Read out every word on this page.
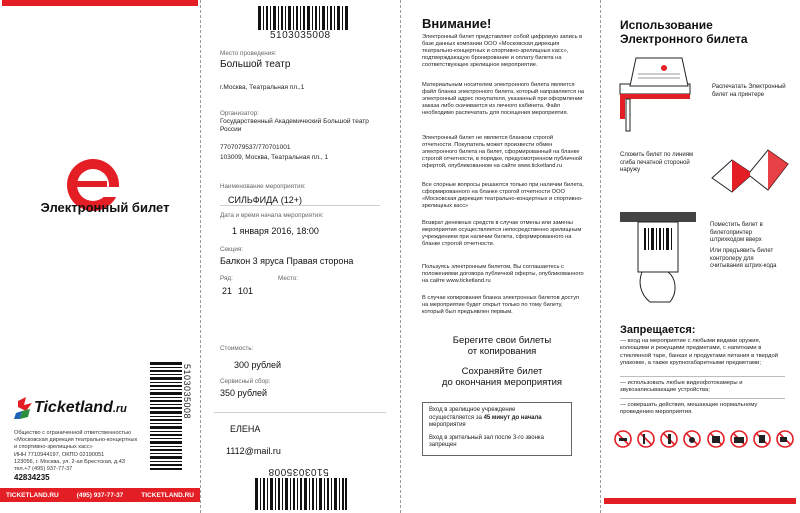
Электронный билет
5103035008
Ticketland.ru
Общество с ограниченной ответственностью
«Московская дирекция театрально-концертных
и спортивно-зрелищных касс»
ИНН 7710944197, ОКПО 02190051
123056, г. Москва, ул. 2-ая Брестская, д.43
тел.+7 (495) 937-77-37
42834235
TICKETLAND.RU	(495) 937-77-37	TICKETLAND.RU
5103035008
Место проведения:
Большой театр
г.Москва, Театральная пл.,1
Организатор:
Государственный Академический Большой театр России
7707079537/770701001
103009, Москва, Театральная пл., 1
Наименование мероприятия:
СИЛЬФИДА (12+)
Дата и время начала мероприятия:
1 января 2016, 18:00
Секция:
Балкон 3 яруса Правая сторона
Ряд:	Место:
21 101
Стоимость:
300 рублей
Сервисный сбор:
350 рублей
ЕЛЕНА
1112@mail.ru
5103035008
Внимание!
Электронный билет представляет собой цифровую запись в базе данных компании ООО «Московская дирекция театрально-концертных и спортивно-зрелищных касс», подтверждающую бронирование и оплату билета на соответствующее зрелищное мероприятие.
Материальным носителем электронного билета является файл бланка электронного билета, который направляется на электронный адрес покупателя, указанный при оформлении заказа либо скачивается из личного кабинета. Файл необходимо распечатать для посещения мероприятия.
Электронный билет не является бланком строгой отчетности. Покупатель может произвести обмен электронного билета на билет, сформированный на бланке строгой отчетности, в порядке, предусмотренном публичной офертой, опубликованном на сайте www.ticketland.ru
Все спорные вопросы решаются только при наличии билета, сформированного на бланке строгой отчетности ООО «Московская дирекция театрально-концертных и спортивно-зрелищных касс»
Возврат денежных средств в случае отмены или замены мероприятия осуществляется непосредственно зрелищным учреждением при наличии билета, сформированного на бланке строгой отчетности.
Пользуясь электронным билетом, Вы соглашаетесь с положениями договора публичной оферты, опубликованного на сайте www.ticketland.ru
В случае копирования бланка электронных билетов доступ на мероприятие будет открыт только по тому билету, который был предъявлен первым.
Берегите свои билеты
от копирования
Сохраняйте билет
до окончания мероприятия
Вход в зрелищное учреждение
осуществляется за 45 минут до начала
мероприятия
Вход в зрительный зал после 3-го звонка запрещен
Использование
Электронного билета
Распечатать Электронный билет на принтере
Сложить билет по линиям сгиба печатной стороной наружу
Поместить билет в билетопринтер штрихкодом вверх
Или предъявить билет контролеру для считывания штрих-кода
Запрещается:
— вход на мероприятие с любыми видами оружия, колющими и режущими предметами, с напитками в стеклянной таре, банках и продуктами питания в твердой упаковке, а также крупногабаритными предметами;
— использовать любые видеофотокамеры и звукозаписывающие устройства;
— совершать действия, мешающие нормальному проведению мероприятия.
